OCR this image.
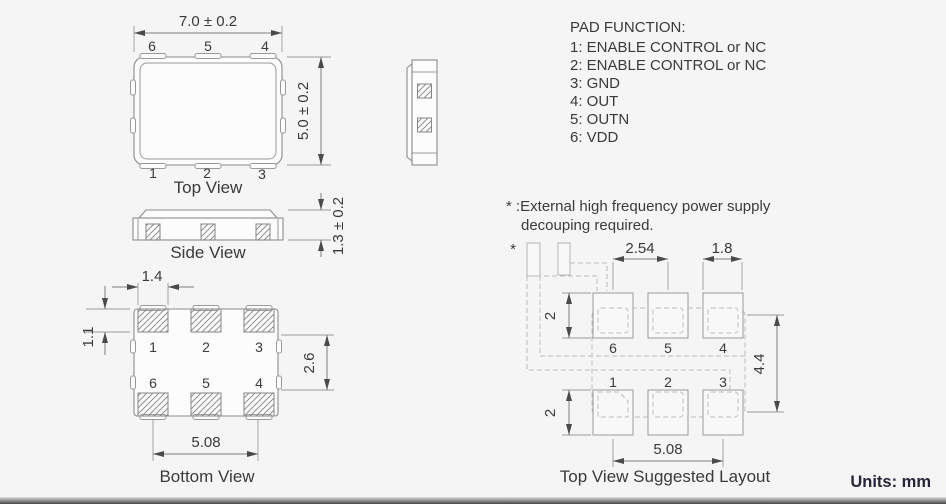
7.0 ± 0.2
5.0 ± 0.2
6	5	4
1	2	3
Top View
Side View	1.3 ± 0.2
1	2	3
6	5	4
1.4
1.1
2.6
5.08
Bottom View
PAD FUNCTION:
1: ENABLE CONTROL or NC
2: ENABLE CONTROL or NC
3: GND
4: OUT
5: OUTN
6: VDD
* :External high frequency power supply
decouping required.
*
6	5	4
1	2	3
2.54	1.8
2
2
4.4
5.08
Top View Suggested Layout	Units: mm
